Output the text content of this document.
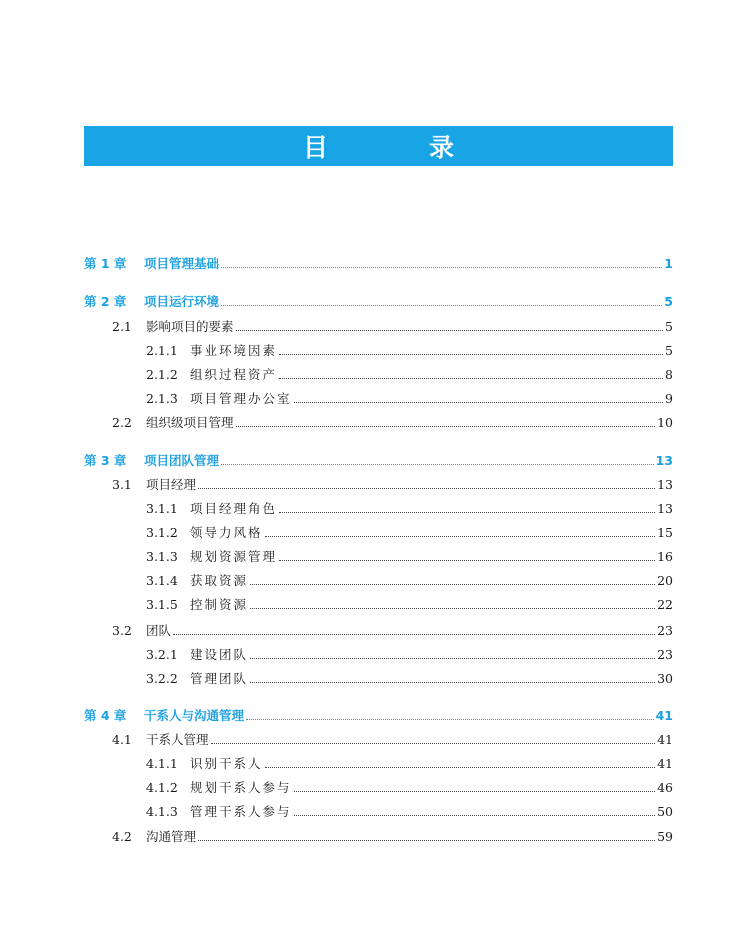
目　录
第 1 章	项目管理基础	1
第 2 章	项目运行环境	5
2.1	影响项目的要素	5
2.1.1 事业环境因素	5
2.1.2 组织过程资产	8
2.1.3 项目管理办公室	9
2.2	组织级项目管理	10
第 3 章	项目团队管理	13
3.1	项目经理	13
3.1.1 项目经理角色	13
3.1.2 领导力风格	15
3.1.3 规划资源管理	16
3.1.4 获取资源	20
3.1.5 控制资源	22
3.2	团队	23
3.2.1 建设团队	23
3.2.2 管理团队	30
第 4 章	干系人与沟通管理	41
4.1	干系人管理	41
4.1.1 识别干系人	41
4.1.2 规划干系人参与	46
4.1.3 管理干系人参与	50
4.2	沟通管理	59
